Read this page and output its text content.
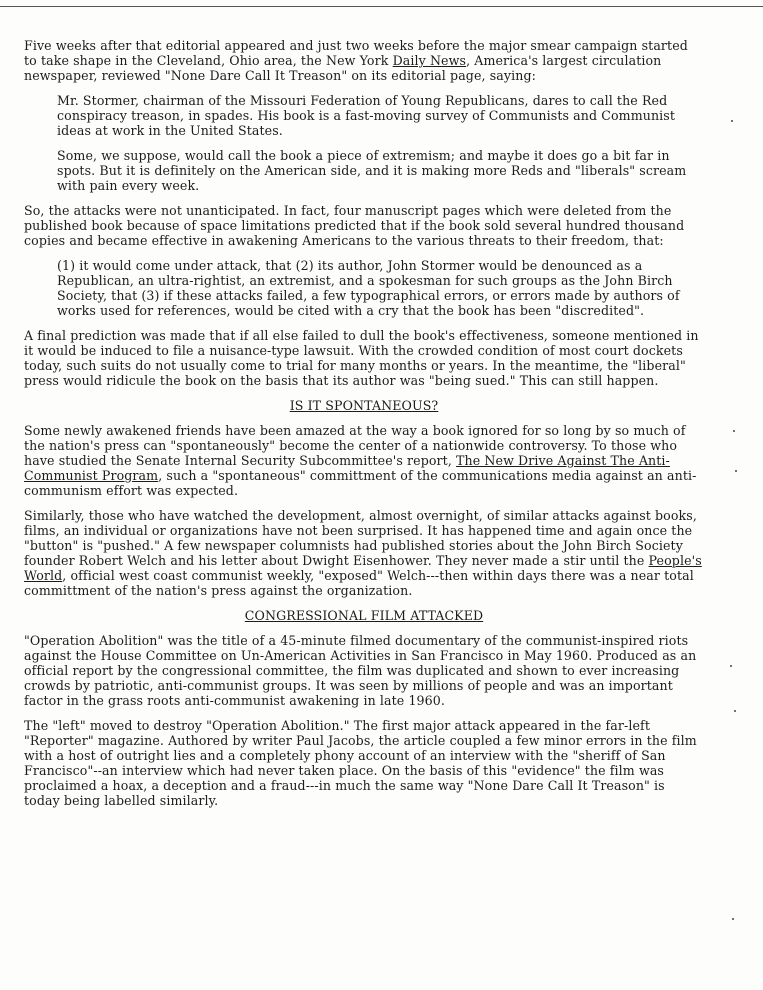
Five weeks after that editorial appeared and just two weeks before the major smear campaign started to take shape in the Cleveland, Ohio area, the New York Daily News, America's largest circulation newspaper, reviewed "None Dare Call It Treason" on its editorial page, saying:

Mr. Stormer, chairman of the Missouri Federation of Young Republicans, dares to call the Red conspiracy treason, in spades. His book is a fast-moving survey of Communists and Communist ideas at work in the United States.

Some, we suppose, would call the book a piece of extremism; and maybe it does go a bit far in spots. But it is definitely on the American side, and it is making more Reds and "liberals" scream with pain every week.

So, the attacks were not unanticipated. In fact, four manuscript pages which were deleted from the published book because of space limitations predicted that if the book sold several hundred thousand copies and became effective in awakening Americans to the various threats to their freedom, that:

(1) it would come under attack, that (2) its author, John Stormer would be denounced as a Republican, an ultra-rightist, an extremist, and a spokesman for such groups as the John Birch Society, that (3) if these attacks failed, a few typographical errors, or errors made by authors of works used for references, would be cited with a cry that the book has been "discredited".

A final prediction was made that if all else failed to dull the book's effectiveness, someone mentioned in it would be induced to file a nuisance-type lawsuit. With the crowded condition of most court dockets today, such suits do not usually come to trial for many months or years. In the meantime, the "liberal" press would ridicule the book on the basis that its author was "being sued." This can still happen.

IS IT SPONTANEOUS?

Some newly awakened friends have been amazed at the way a book ignored for so long by so much of the nation's press can "spontaneously" become the center of a nationwide controversy. To those who have studied the Senate Internal Security Subcommittee's report, The New Drive Against The Anti-Communist Program, such a "spontaneous" committment of the communications media against an anti-communism effort was expected.

Similarly, those who have watched the development, almost overnight, of similar attacks against books, films, an individual or organizations have not been surprised. It has happened time and again once the "button" is "pushed." A few newspaper columnists had published stories about the John Birch Society founder Robert Welch and his letter about Dwight Eisenhower. They never made a stir until the People's World, official west coast communist weekly, "exposed" Welch---then within days there was a near total committment of the nation's press against the organization.

CONGRESSIONAL FILM ATTACKED

"Operation Abolition" was the title of a 45-minute filmed documentary of the communist-inspired riots against the House Committee on Un-American Activities in San Francisco in May 1960. Produced as an official report by the congressional committee, the film was duplicated and shown to ever increasing crowds by patriotic, anti-communist groups. It was seen by millions of people and was an important factor in the grass roots anti-communist awakening in late 1960.

The "left" moved to destroy "Operation Abolition." The first major attack appeared in the far-left "Reporter" magazine. Authored by writer Paul Jacobs, the article coupled a few minor errors in the film with a host of outright lies and a completely phony account of an interview with the "sheriff of San Francisco"--an interview which had never taken place. On the basis of this "evidence" the film was proclaimed a hoax, a deception and a fraud---in much the same way "None Dare Call It Treason" is today being labelled similarly.
